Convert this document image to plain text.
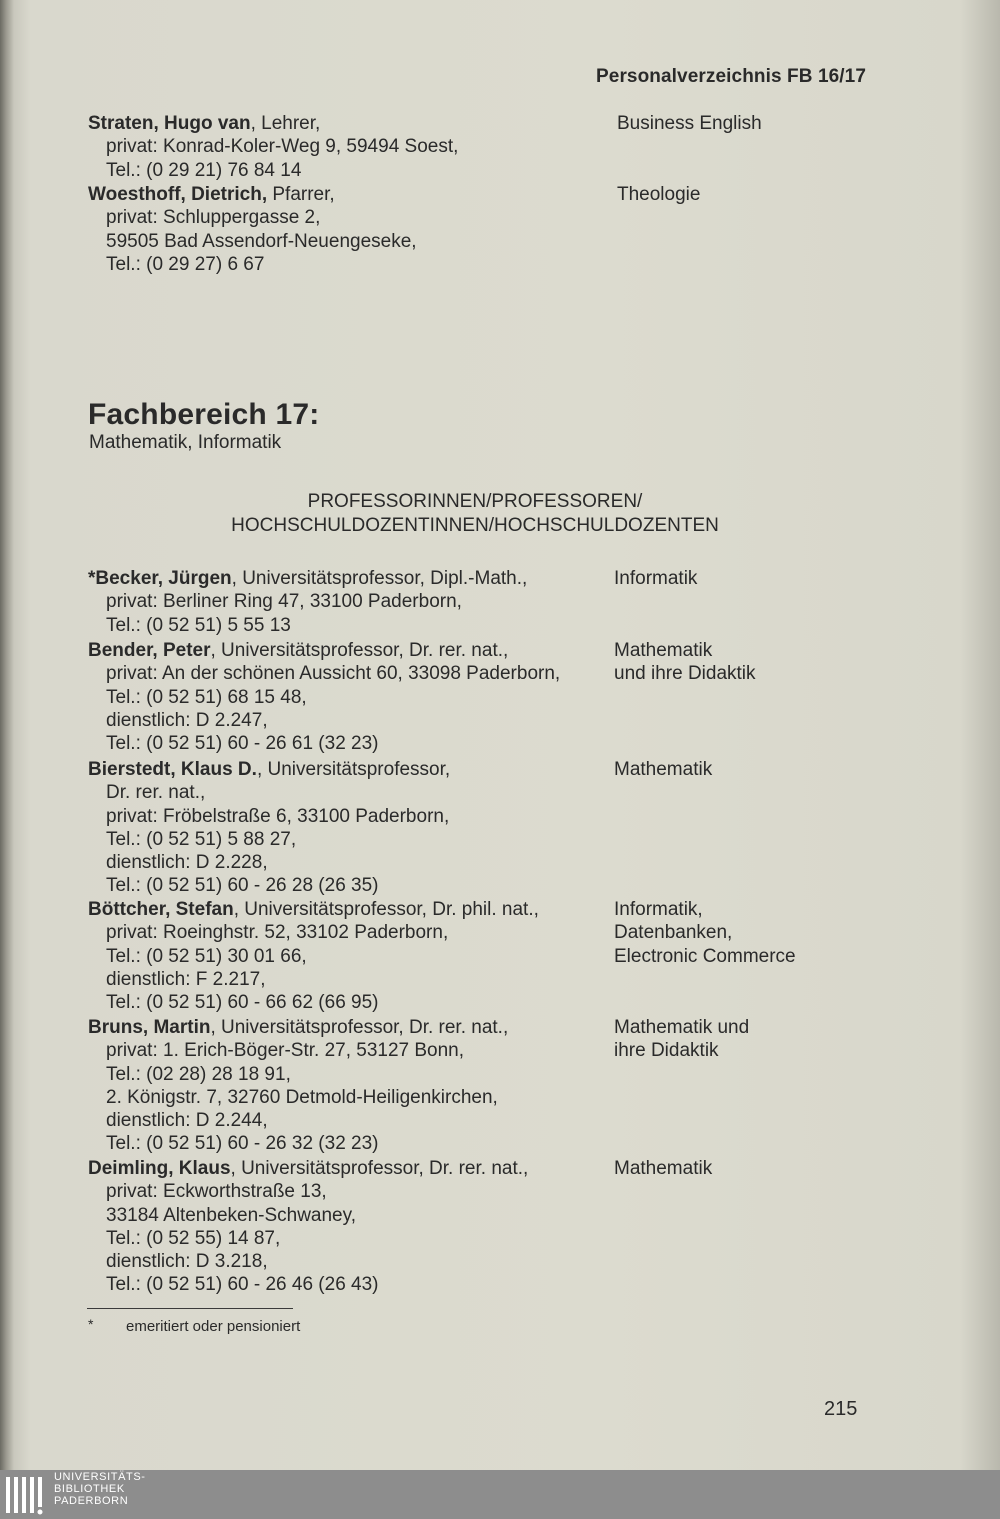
Personalverzeichnis FB 16/17
Straten, Hugo van, Lehrer,
privat: Konrad-Koler-Weg 9, 59494 Soest,
Tel.: (0 29 21) 76 84 14
Business English
Woesthoff, Dietrich, Pfarrer,
privat: Schluppergasse 2,
59505 Bad Assendorf-Neuengeseke,
Tel.: (0 29 27) 6 67
Theologie
Fachbereich 17:
Mathematik, Informatik
PROFESSORINNEN/PROFESSOREN/
HOCHSCHULDOZENTINNEN/HOCHSCHULDOZENTEN
*Becker, Jürgen, Universitätsprofessor, Dipl.-Math.,
privat: Berliner Ring 47, 33100 Paderborn,
Tel.: (0 52 51) 5 55 13
Informatik
Bender, Peter, Universitätsprofessor, Dr. rer. nat.,
privat: An der schönen Aussicht 60, 33098 Paderborn,
Tel.: (0 52 51) 68 15 48,
dienstlich: D 2.247,
Tel.: (0 52 51) 60 - 26 61 (32 23)
Mathematik
und ihre Didaktik
Bierstedt, Klaus D., Universitätsprofessor,
Dr. rer. nat.,
privat: Fröbelstraße 6, 33100 Paderborn,
Tel.: (0 52 51) 5 88 27,
dienstlich: D 2.228,
Tel.: (0 52 51) 60 - 26 28 (26 35)
Mathematik
Böttcher, Stefan, Universitätsprofessor, Dr. phil. nat.,
privat: Roeinghstr. 52, 33102 Paderborn,
Tel.: (0 52 51) 30 01 66,
dienstlich: F 2.217,
Tel.: (0 52 51) 60 - 66 62 (66 95)
Informatik,
Datenbanken,
Electronic Commerce
Bruns, Martin, Universitätsprofessor, Dr. rer. nat.,
privat: 1. Erich-Böger-Str. 27, 53127 Bonn,
Tel.: (02 28) 28 18 91,
2. Königstr. 7, 32760 Detmold-Heiligenkirchen,
dienstlich: D 2.244,
Tel.: (0 52 51) 60 - 26 32 (32 23)
Mathematik und
ihre Didaktik
Deimling, Klaus, Universitätsprofessor, Dr. rer. nat.,
privat: Eckworthstraße 13,
33184 Altenbeken-Schwaney,
Tel.: (0 52 55) 14 87,
dienstlich: D 3.218,
Tel.: (0 52 51) 60 - 26 46 (26 43)
Mathematik
* emeritiert oder pensioniert
215
UNIVERSITÄTS-
BIBLIOTHEK
PADERBORN
